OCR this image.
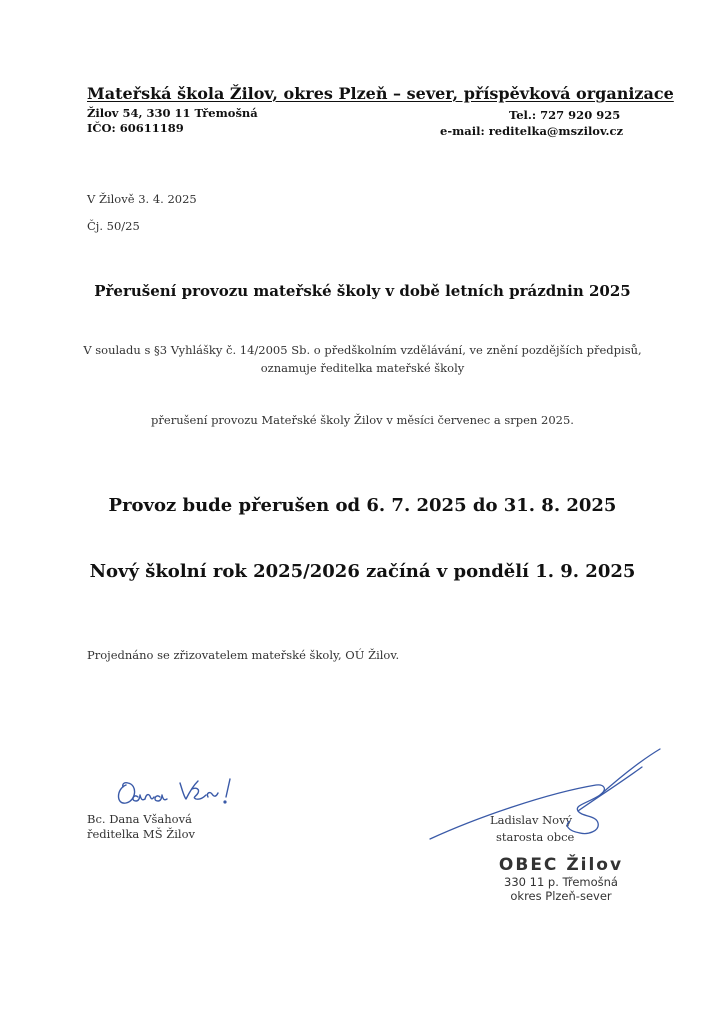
Mateřská škola Žilov, okres Plzeň – sever, příspěvková organizace
Žilov 54, 330 11 Třemošná
IČO: 60611189
Tel.: 727 920 925
e-mail: reditelka@mszilov.cz
V Žilově 3. 4. 2025
Čj. 50/25
Přerušení provozu mateřské školy v době letních prázdnin 2025
V souladu s §3 Vyhlášky č. 14/2005 Sb. o předškolním vzdělávání, ve znění pozdějších předpisů,
oznamuje ředitelka mateřské školy
přerušení provozu Mateřské školy Žilov v měsíci červenec a srpen 2025.
Provoz bude přerušen od 6. 7. 2025 do 31. 8. 2025
Nový školní rok 2025/2026 začíná v pondělí 1. 9. 2025
Projednáno se zřizovatelem mateřské školy, OÚ Žilov.
Bc. Dana Všahová
ředitelka MŠ Žilov
Ladislav Nový
starosta obce
OBEC Žilov
330 11 p. Třemošná
okres Plzeň-sever
